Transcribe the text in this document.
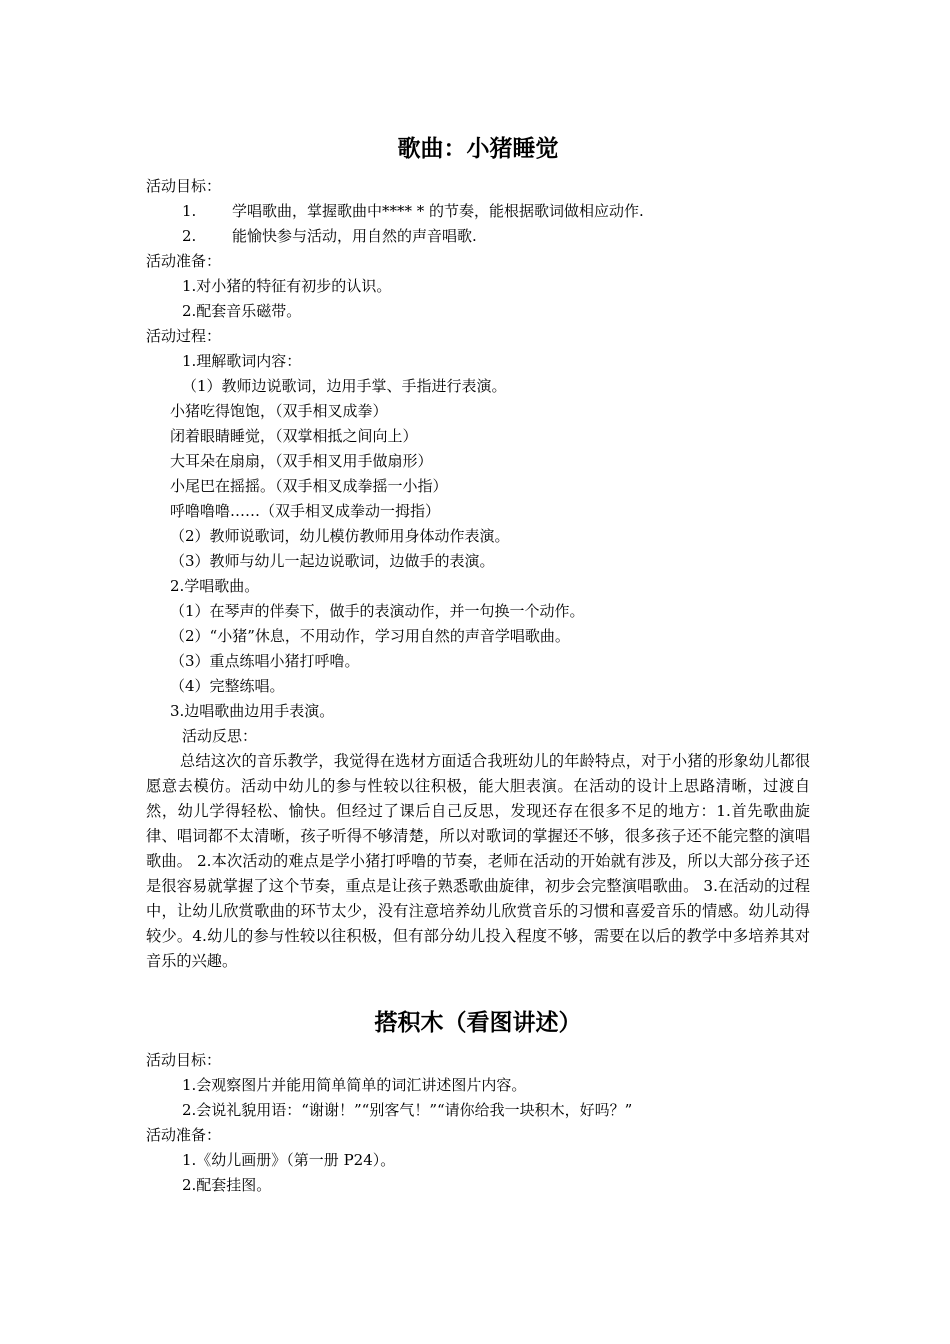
歌曲：小猪睡觉
活动目标：
1. 学唱歌曲，掌握歌曲中**** * 的节奏，能根据歌词做相应动作.
2. 能愉快参与活动，用自然的声音唱歌.
活动准备：
1.对小猪的特征有初步的认识。
2.配套音乐磁带。
活动过程：
1.理解歌词内容：
（1）教师边说歌词，边用手掌、手指进行表演。
小猪吃得饱饱，（双手相叉成拳）
闭着眼睛睡觉，（双掌相抵之间向上）
大耳朵在扇扇，（双手相叉用手做扇形）
小尾巴在摇摇。（双手相叉成拳摇一小指）
呼噜噜噜……（双手相叉成拳动一拇指）
（2）教师说歌词，幼儿模仿教师用身体动作表演。
（3）教师与幼儿一起边说歌词，边做手的表演。
2.学唱歌曲。
（1）在琴声的伴奏下，做手的表演动作，并一句换一个动作。
（2）“小猪”休息，不用动作，学习用自然的声音学唱歌曲。
（3）重点练唱小猪打呼噜。
（4）完整练唱。
3.边唱歌曲边用手表演。
活动反思：

总结这次的音乐教学，我觉得在选材方面适合我班幼儿的年龄特点，对于小猪的形象幼儿都很愿意去模仿。活动中幼儿的参与性较以往积极，能大胆表演。在活动的设计上思路清晰，过渡自然，幼儿学得轻松、愉快。但经过了课后自己反思，发现还存在很多不足的地方：1.首先歌曲旋律、唱词都不太清晰，孩子听得不够清楚，所以对歌词的掌握还不够，很多孩子还不能完整的演唱歌曲。 2.本次活动的难点是学小猪打呼噜的节奏，老师在活动的开始就有涉及，所以大部分孩子还是很容易就掌握了这个节奏，重点是让孩子熟悉歌曲旋律，初步会完整演唱歌曲。 3.在活动的过程中，让幼儿欣赏歌曲的环节太少，没有注意培养幼儿欣赏音乐的习惯和喜爱音乐的情感。幼儿动得较少。4.幼儿的参与性较以往积极，但有部分幼儿投入程度不够，需要在以后的教学中多培养其对音乐的兴趣。

搭积木（看图讲述）
活动目标：
1.会观察图片并能用简单简单的词汇讲述图片内容。
2.会说礼貌用语：“谢谢！”“别客气！”“请你给我一块积木，好吗？”
活动准备：
1.《幼儿画册》（第一册 P24）。
2.配套挂图。
